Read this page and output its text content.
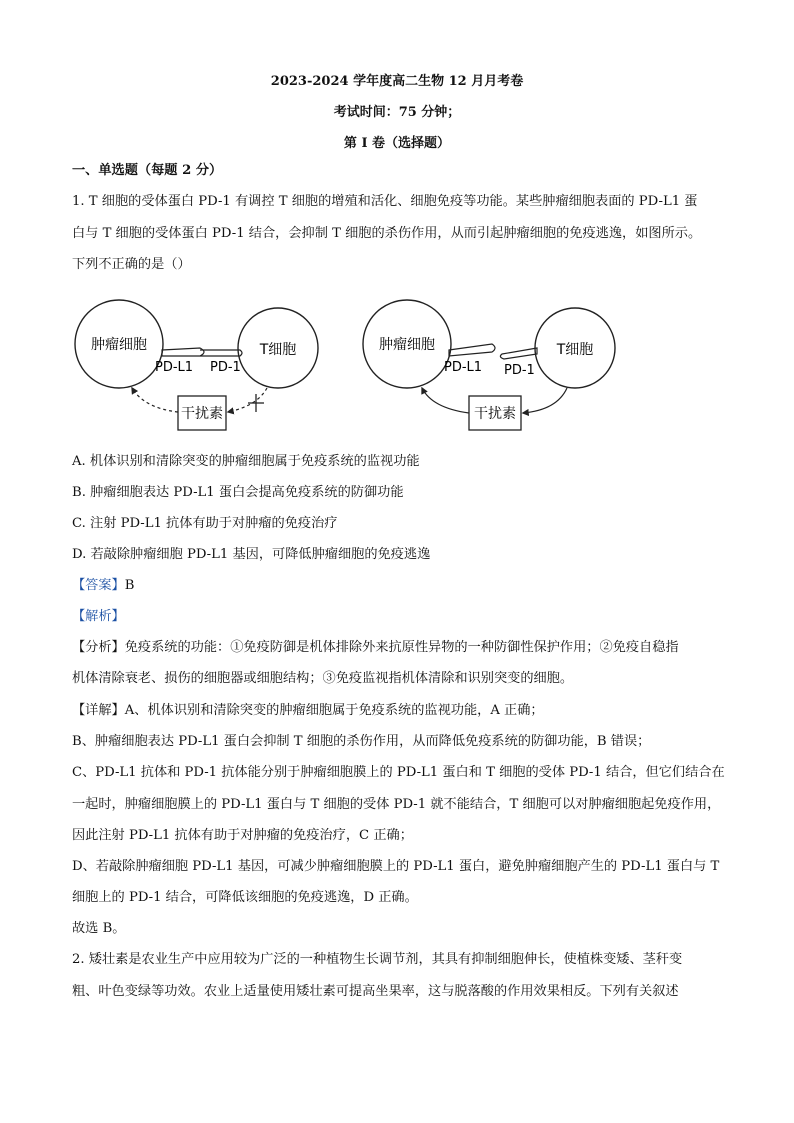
2023-2024 学年度高二生物 12 月月考卷
考试时间：75 分钟；
第 I 卷（选择题）
一、单选题（每题 2 分）
1. T 细胞的受体蛋白 PD-1 有调控 T 细胞的增殖和活化、细胞免疫等功能。某些肿瘤细胞表面的 PD-L1 蛋
白与 T 细胞的受体蛋白 PD-1 结合，会抑制 T 细胞的杀伤作用，从而引起肿瘤细胞的免疫逃逸，如图所示。
下列不正确的是（）
肿瘤细胞	T细胞
PD-L1 PD-1
干扰素
肿瘤细胞	T细胞
PD-L1 PD-1
干扰素
A. 机体识别和清除突变的肿瘤细胞属于免疫系统的监视功能
B. 肿瘤细胞表达 PD-L1 蛋白会提高免疫系统的防御功能
C. 注射 PD-L1 抗体有助于对肿瘤的免疫治疗
D. 若敲除肿瘤细胞 PD-L1 基因，可降低肿瘤细胞的免疫逃逸
【答案】B
【解析】
【分析】免疫系统的功能：①免疫防御是机体排除外来抗原性异物的一种防御性保护作用；②免疫自稳指
机体清除衰老、损伤的细胞器或细胞结构；③免疫监视指机体清除和识别突变的细胞。
【详解】A、机体识别和清除突变的肿瘤细胞属于免疫系统的监视功能，A 正确；
B、肿瘤细胞表达 PD-L1 蛋白会抑制 T 细胞的杀伤作用，从而降低免疫系统的防御功能，B 错误；
C、PD-L1 抗体和 PD-1 抗体能分别于肿瘤细胞膜上的 PD-L1 蛋白和 T 细胞的受体 PD-1 结合，但它们结合在
一起时，肿瘤细胞膜上的 PD-L1 蛋白与 T 细胞的受体 PD-1 就不能结合，T 细胞可以对肿瘤细胞起免疫作用，
因此注射 PD-L1 抗体有助于对肿瘤的免疫治疗，C 正确；
D、若敲除肿瘤细胞 PD-L1 基因，可减少肿瘤细胞膜上的 PD-L1 蛋白，避免肿瘤细胞产生的 PD-L1 蛋白与 T
细胞上的 PD-1 结合，可降低该细胞的免疫逃逸，D 正确。
故选 B。
2. 矮壮素是农业生产中应用较为广泛的一种植物生长调节剂，其具有抑制细胞伸长，使植株变矮、茎秆变
粗、叶色变绿等功效。农业上适量使用矮壮素可提高坐果率，这与脱落酸的作用效果相反。下列有关叙述
